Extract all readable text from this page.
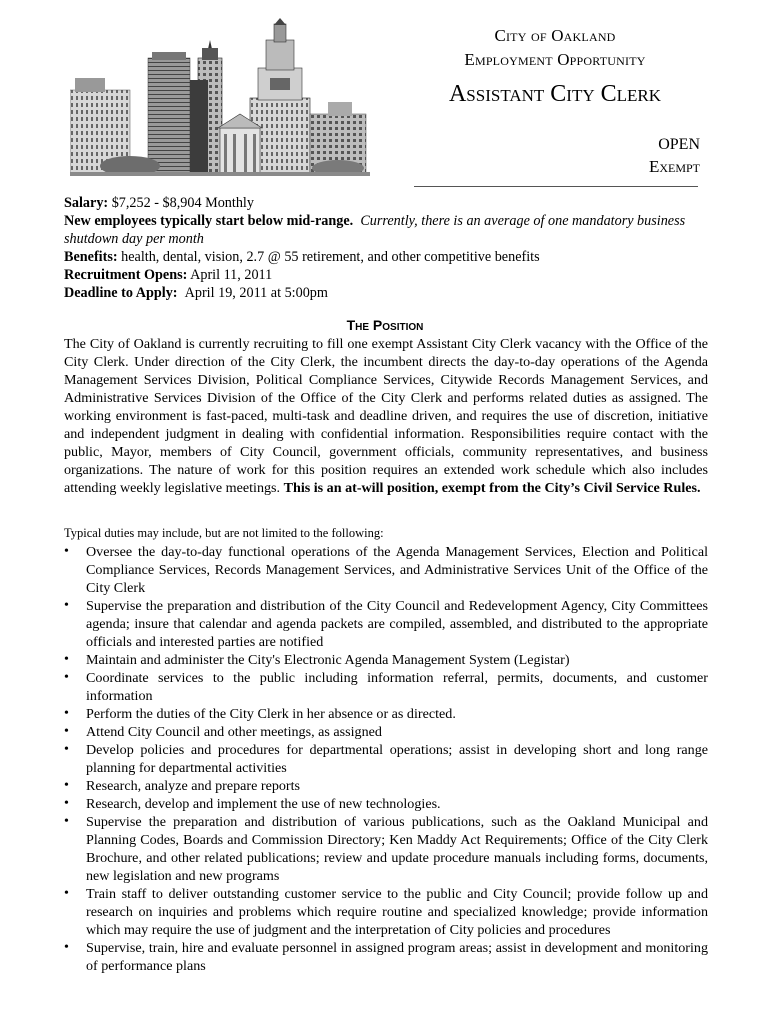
City of Oakland
Employment Opportunity
Assistant City Clerk
OPEN
Exempt
Salary: $7,252 - $8,904 Monthly
New employees typically start below mid-range. Currently, there is an average of one mandatory business shutdown day per month
Benefits: health, dental, vision, 2.7 @ 55 retirement, and other competitive benefits
Recruitment Opens: April 11, 2011
Deadline to Apply: April 19, 2011 at 5:00pm
The Position
The City of Oakland is currently recruiting to fill one exempt Assistant City Clerk vacancy with the Office of the City Clerk. Under direction of the City Clerk, the incumbent directs the day-to-day operations of the Agenda Management Services Division, Political Compliance Services, Citywide Records Management Services, and Administrative Services Division of the Office of the City Clerk and performs related duties as assigned. The working environment is fast-paced, multi-task and deadline driven, and requires the use of discretion, initiative and independent judgment in dealing with confidential information. Responsibilities require contact with the public, Mayor, members of City Council, government officials, community representatives, and business organizations. The nature of work for this position requires an extended work schedule which also includes attending weekly legislative meetings. This is an at-will position, exempt from the City’s Civil Service Rules.
Typical duties may include, but are not limited to the following:
• Oversee the day-to-day functional operations of the Agenda Management Services, Election and Political Compliance Services, Records Management Services, and Administrative Services Unit of the Office of the City Clerk
• Supervise the preparation and distribution of the City Council and Redevelopment Agency, City Committees agenda; insure that calendar and agenda packets are compiled, assembled, and distributed to the appropriate officials and interested parties are notified
• Maintain and administer the City's Electronic Agenda Management System (Legistar)
• Coordinate services to the public including information referral, permits, documents, and customer information
• Perform the duties of the City Clerk in her absence or as directed.
• Attend City Council and other meetings, as assigned
• Develop policies and procedures for departmental operations; assist in developing short and long range planning for departmental activities
• Research, analyze and prepare reports
• Research, develop and implement the use of new technologies.
• Supervise the preparation and distribution of various publications, such as the Oakland Municipal and Planning Codes, Boards and Commission Directory; Ken Maddy Act Requirements; Office of the City Clerk Brochure, and other related publications; review and update procedure manuals including forms, documents, new legislation and new programs
• Train staff to deliver outstanding customer service to the public and City Council; provide follow up and research on inquiries and problems which require routine and specialized knowledge; provide information which may require the use of judgment and the interpretation of City policies and procedures
• Supervise, train, hire and evaluate personnel in assigned program areas; assist in development and monitoring of performance plans
